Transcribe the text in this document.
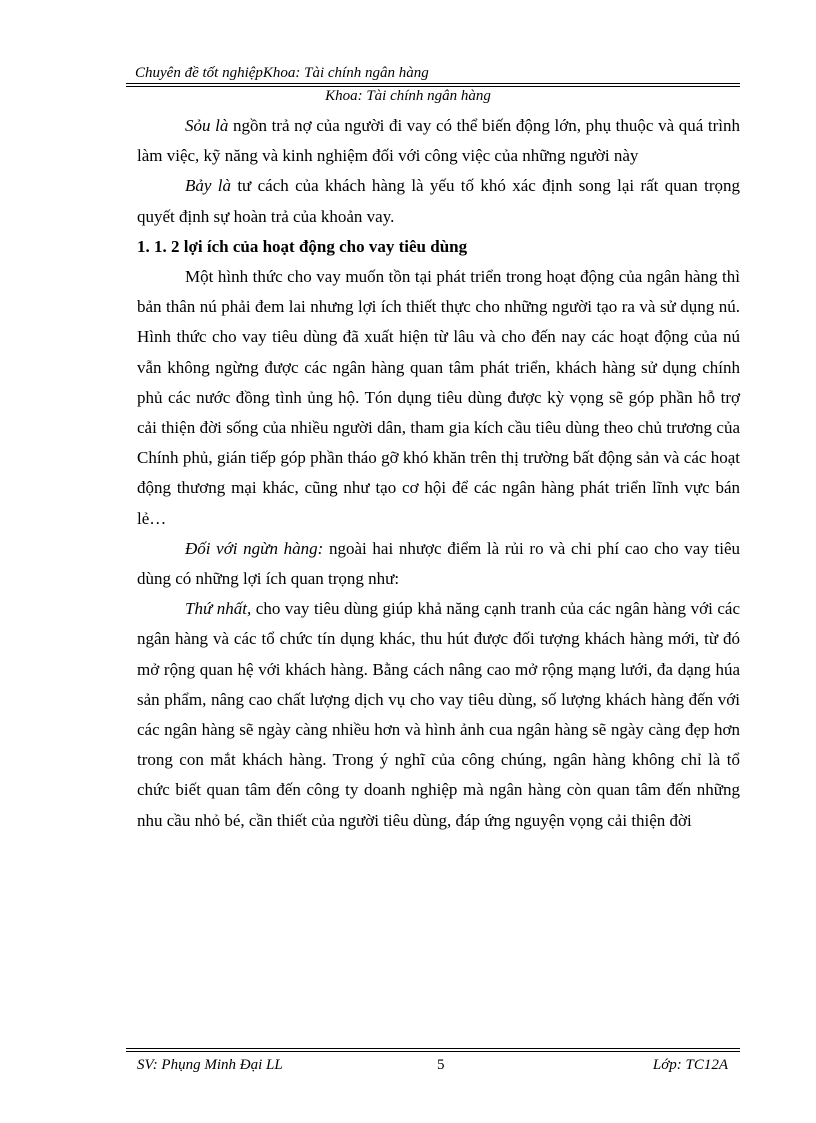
Chuyên đề tốt nghiệpKhoa: Tài chính ngân hàng
Khoa: Tài chính ngân hàng

Sỏu là ngồn trả nợ của người đi vay có thể biến động lớn, phụ thuộc và quá trình làm việc, kỹ năng và kinh nghiệm đối với công việc của những người này

Bảy là tư cách của khách hàng là yếu tố khó xác định song lại rất quan trọng quyết định sự hoàn trả của khoản vay.

1. 1. 2 lợi ích của hoạt động cho vay tiêu dùng

Một hình thức cho vay muốn tồn tại phát triển trong hoạt động của ngân hàng thì bản thân nú phải đem lai nhưng lợi ích thiết thực cho những người tạo ra và sử dụng nú. Hình thức cho vay tiêu dùng đã xuất hiện từ lâu và cho đến nay các hoạt động của nú vẫn không ngừng được các ngân hàng quan tâm phát triển, khách hàng sử dụng chính phủ các nước đồng tình ủng hộ. Tón dụng tiêu dùng được kỳ vọng sẽ góp phần hỗ trợ cải thiện đời sống của nhiều người dân, tham gia kích cầu tiêu dùng theo chủ trương của Chính phủ, gián tiếp góp phần tháo gỡ khó khăn trên thị trường bất động sản và các hoạt động thương mại khác, cũng như tạo cơ hội để các ngân hàng phát triển lĩnh vực bán lẻ…

Đối với ngừn hàng: ngoài hai nhược điểm là rủi ro và chi phí cao cho vay tiêu dùng có những lợi ích quan trọng như:

Thứ nhất, cho vay tiêu dùng giúp khả năng cạnh tranh của các ngân hàng với các ngân hàng và các tổ chức tín dụng khác, thu hút được đối tượng khách hàng mới, từ đó mở rộng quan hệ với khách hàng. Bằng cách nâng cao mở rộng mạng lưới, đa dạng húa sản phẩm, nâng cao chất lượng dịch vụ cho vay tiêu dùng, số lượng khách hàng đến với các ngân hàng sẽ ngày càng nhiều hơn và hình ảnh cua ngân hàng sẽ ngày càng đẹp hơn trong con mắt khách hàng. Trong ý nghĩ của công chúng, ngân hàng không chỉ là tổ chức biết quan tâm đến công ty doanh nghiệp mà ngân hàng còn quan tâm đến những nhu cầu nhỏ bé, cần thiết của người tiêu dùng, đáp ứng nguyện vọng cải thiện đời

SV: Phụng Minh Đại LL	5	Lớp: TC12A
